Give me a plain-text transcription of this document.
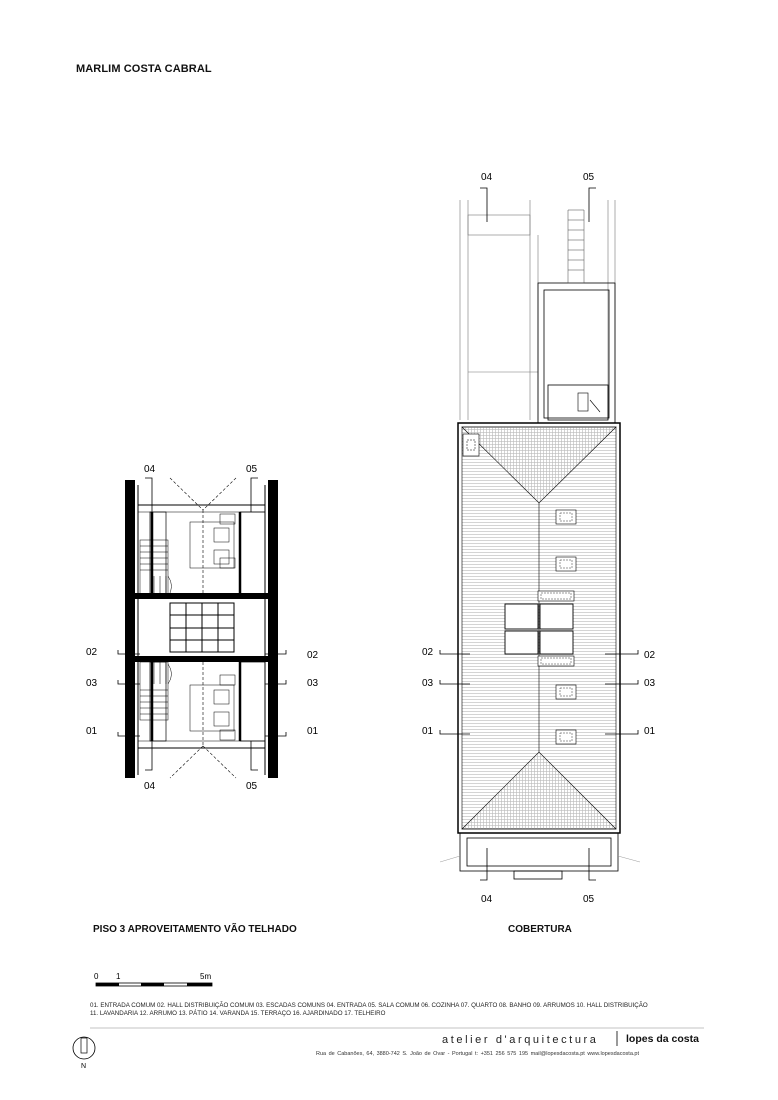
MARLIM COSTA CABRAL
04	05
04	05
02
03
01
02
03
01
04	05
04	05
02
03
01
02
03
01
0 1	5m
N
PISO 3 APROVEITAMENTO VÃO TELHADO	COBERTURA
01. ENTRADA COMUM 02. HALL DISTRIBUIÇÃO COMUM 03. ESCADAS COMUNS 04. ENTRADA 05. SALA COMUM 06. COZINHA 07. QUARTO 08. BANHO 09. ARRUMOS 10. HALL DISTRIBUIÇÃO
11. LAVANDARIA 12. ARRUMO 13. PÁTIO 14. VARANDA 15. TERRAÇO 16. AJARDINADO 17. TELHEIRO
atelier d'arquitectura	lopes da costa
Rua de Cabanões, 64, 3880-742 S. João de Ovar - Portugal t: +351 256 575 195 mail@lopesdacosta.pt www.lopesdacosta.pt
